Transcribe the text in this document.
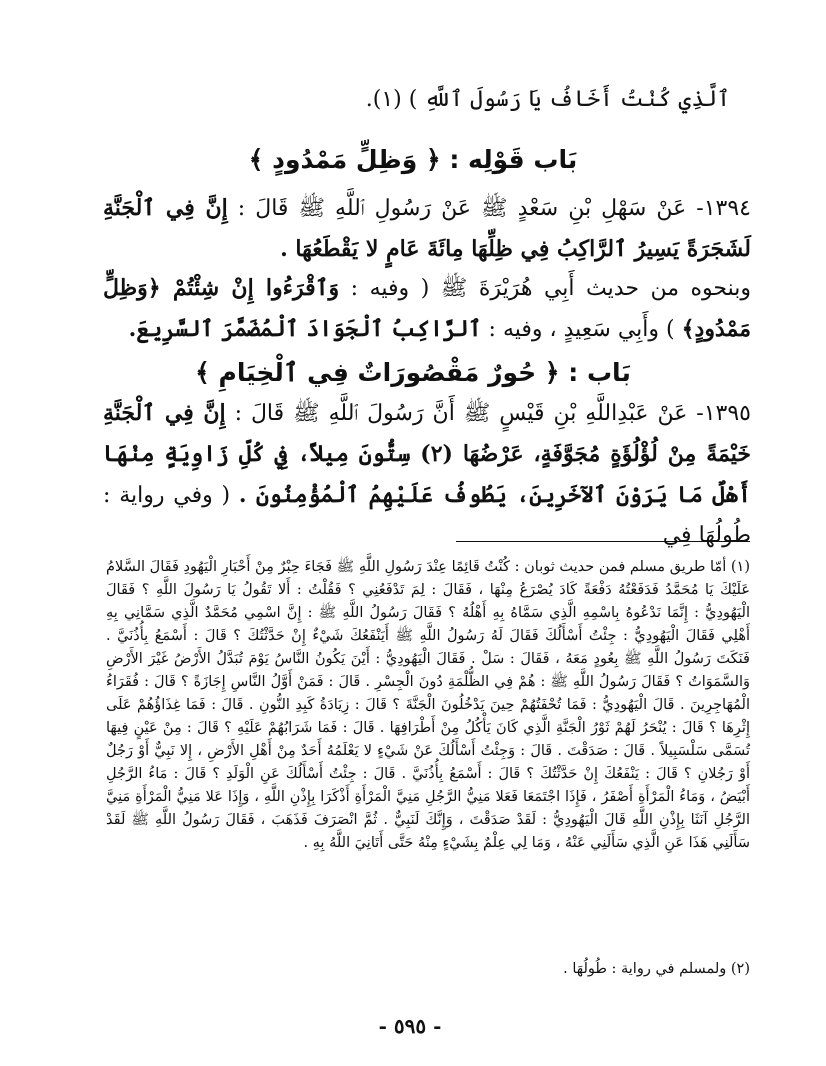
ٱلَّذِي كُنْتُ أَخَافُ يَا رَسُولَ ٱللَّهِ ) (١).
بَاب قَوْلِه : ﴿ وَظِلٍّ مَمْدُودٍ ﴾
١٣٩٤- عَنْ سَهْلِ بْنِ سَعْدٍ ﷺ عَنْ رَسُولِ ٱللَّهِ ﷺ قَالَ : إِنَّ فِي ٱلْجَنَّةِ لَشَجَرَةً يَسِيرُ ٱلرَّاكِبُ فِي ظِلِّهَا مِائَةَ عَامٍ لا يَقْطَعُهَا .
وبنحوه من حديث أَبِي هُرَيْرَةَ ﷺ ( وفيه : وَٱقْرَءُوا إِنْ شِئْتُمْ ﴿وَظِلٍّ مَمْدُودٍ﴾ ) وأَبِي سَعِيدٍ ، وفيه : ٱلرَّاكِبُ ٱلْجَوَادَ ٱلْمُضَمَّرَ ٱلسَّرِيعَ.
بَاب : ﴿ حُورٌ مَقْصُورَاتٌ فِي ٱلْخِيَامِ ﴾
١٣٩٥- عَنْ عَبْدِاللَّهِ بْنِ قَيْسٍ ﷺ أَنَّ رَسُولَ ٱللَّهِ ﷺ قَالَ : إِنَّ فِي ٱلْجَنَّةِ خَيْمَةً مِنْ لُؤْلُؤَةٍ مُجَوَّفَةٍ، عَرْضُهَا (٢) سِتُّونَ مِيلاً، فِي كُلِّ زَاوِيَةٍ مِنْهَا أَهْلٌ مَا يَرَوْنَ ٱلآخَرِينَ، يَطُوفُ عَلَيْهِمُ ٱلْمُؤْمِنُونَ . ( وفي رواية : طُولُهَا فِي
(١) أمّا طريق مسلم فمن حديث ثوبان : كُنْتُ قَائِمًا عِنْدَ رَسُولِ اللَّهِ ﷺ فَجَاءَ حِبْرٌ مِنْ أَحْبَارِ الْيَهُودِ فَقَالَ السَّلامُ عَلَيْكَ يَا مُحَمَّدُ فَدَفَعْتُهُ دَفْعَةً كَادَ يُصْرَعُ مِنْهَا ، فَقَالَ : لِمَ تَدْفَعُنِي ؟ فَقُلْتُ : أَلا تَقُولُ يَا رَسُولَ اللَّهِ ؟ فَقَالَ الْيَهُودِيُّ : إِنَّمَا نَدْعُوهُ بِاسْمِهِ الَّذِي سَمَّاهُ بِهِ أَهْلُهُ ؟ فَقَالَ رَسُولُ اللَّهِ ﷺ : إِنَّ اسْمِي مُحَمَّدٌ الَّذِي سَمَّانِي بِهِ أَهْلِي فَقَالَ الْيَهُودِيُّ : جِئْتُ أَسْأَلُكَ فَقَالَ لَهُ رَسُولُ اللَّهِ ﷺ أَيَنْفَعُكَ شَيْءٌ إِنْ حَدَّثْتُكَ ؟ قَالَ : أَسْمَعُ بِأُذُنَيَّ . فَنَكَتَ رَسُولُ اللَّهِ ﷺ بِعُودٍ مَعَهُ ، فَقَالَ : سَلْ . فَقَالَ الْيَهُودِيُّ : أَيْنَ يَكُونُ النَّاسُ يَوْمَ تُبَدَّلُ الأَرْضُ غَيْرَ الأَرْضِ وَالسَّمَوَاتُ ؟ فَقَالَ رَسُولُ اللَّهِ ﷺ : هُمْ فِي الظُّلْمَةِ دُونَ الْجِسْرِ . قَالَ : فَمَنْ أَوَّلُ النَّاسِ إِجَازَةً ؟ قَالَ : فُقَرَاءُ الْمُهَاجِرِينَ . قَالَ الْيَهُودِيُّ : فَمَا تُحْفَتُهُمْ حِينَ يَدْخُلُونَ الْجَنَّةَ ؟ قَالَ : زِيَادَةُ كَبِدِ النُّونِ . قَالَ : فَمَا غِذَاؤُهُمْ عَلَى إِثْرِهَا ؟ قَالَ : يُنْحَرُ لَهُمْ ثَوْرُ الْجَنَّةِ الَّذِي كَانَ يَأْكُلُ مِنْ أَطْرَافِهَا . قَالَ : فَمَا شَرَابُهُمْ عَلَيْهِ ؟ قَالَ : مِنْ عَيْنٍ فِيهَا تُسَمَّى سَلْسَبِيلاً . قَالَ : صَدَقْتَ . قَالَ : وَجِئْتُ أَسْأَلُكَ عَنْ شَيْءٍ لا يَعْلَمُهُ أَحَدٌ مِنْ أَهْلِ الأَرْضِ ، إِلا نَبِيٌّ أَوْ رَجُلٌ أَوْ رَجُلانِ ؟ قَالَ : يَنْفَعُكَ إِنْ حَدَّثْتُكَ ؟ قَالَ : أَسْمَعُ بِأُذُنَيَّ . قَالَ : جِئْتُ أَسْأَلُكَ عَنِ الْوَلَدِ ؟ قَالَ : مَاءُ الرَّجُلِ أَبْيَضُ ، وَمَاءُ الْمَرْأَةِ أَصْفَرُ ، فَإِذَا اجْتَمَعَا فَعَلا مَنِيُّ الرَّجُلِ مَنِيَّ الْمَرْأَةِ أَذْكَرَا بِإِذْنِ اللَّهِ ، وَإِذَا عَلا مَنِيُّ الْمَرْأَةِ مَنِيَّ الرَّجُلِ آنَثَا بِإِذْنِ اللَّهِ قَالَ الْيَهُودِيُّ : لَقَدْ صَدَقْتَ ، وَإِنَّكَ لَنَبِيٌّ . ثُمَّ انْصَرَفَ فَذَهَبَ ، فَقَالَ رَسُولُ اللَّهِ ﷺ لَقَدْ سَأَلَنِي هَذَا عَنِ الَّذِي سَأَلَنِي عَنْهُ ، وَمَا لِي عِلْمٌ بِشَيْءٍ مِنْهُ حَتَّى أَتَانِيَ اللَّهُ بِهِ .
(٢) ولمسلم في رواية : طُولُهَا .
- ٥٩٥ -
